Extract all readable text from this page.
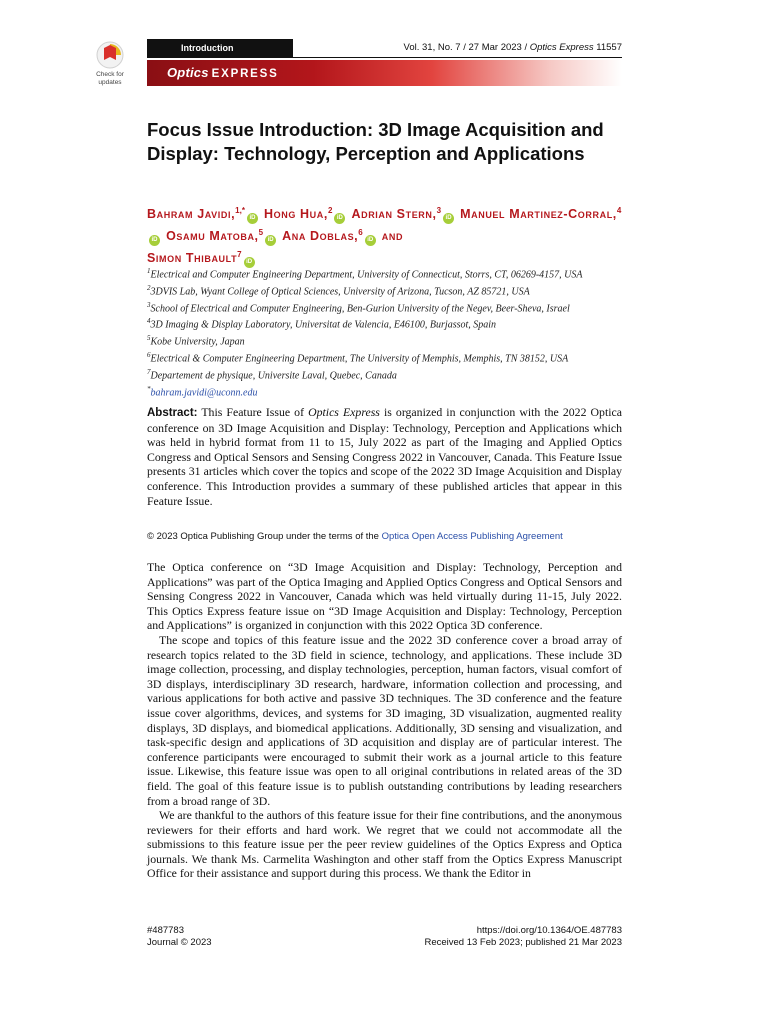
Check for
updates
Introduction	Vol. 31, No. 7 / 27 Mar 2023 / Optics Express 11557
Optics EXPRESS
Focus Issue Introduction: 3D Image Acquisition and Display: Technology, Perception and Applications
Bahram Javidi,$^{1,*}$iD Hong Hua,$^2$iD Adrian Stern,$^3$iD Manuel Martinez-Corral,$^4$iD Osamu Matoba,$^5$iD Ana Doblas,$^6$iD and
Simon Thibault$^7$iD
$^1$Electrical and Computer Engineering Department, University of Connecticut, Storrs, CT, 06269-4157, USA
$^2$3DVIS Lab, Wyant College of Optical Sciences, University of Arizona, Tucson, AZ 85721, USA
$^3$School of Electrical and Computer Engineering, Ben-Gurion University of the Negev, Beer-Sheva, Israel
$^4$3D Imaging & Display Laboratory, Universitat de Valencia, E46100, Burjassot, Spain
$^5$Kobe University, Japan
$^6$Electrical & Computer Engineering Department, The University of Memphis, Memphis, TN 38152, USA
$^7$Departement de physique, Universite Laval, Quebec, Canada
*bahram.javidi@uconn.edu
Abstract: This Feature Issue of Optics Express is organized in conjunction with the 2022 Optica conference on 3D Image Acquisition and Display: Technology, Perception and Applications which was held in hybrid format from 11 to 15, July 2022 as part of the Imaging and Applied Optics Congress and Optical Sensors and Sensing Congress 2022 in Vancouver, Canada. This Feature Issue presents 31 articles which cover the topics and scope of the 2022 3D Image Acquisition and Display conference. This Introduction provides a summary of these published articles that appear in this Feature Issue.
© 2023 Optica Publishing Group under the terms of the Optica Open Access Publishing Agreement

The Optica conference on “3D Image Acquisition and Display: Technology, Perception and Applications” was part of the Optica Imaging and Applied Optics Congress and Optical Sensors and Sensing Congress 2022 in Vancouver, Canada which was held virtually during 11-15, July 2022. This Optics Express feature issue on “3D Image Acquisition and Display: Technology, Perception and Applications” is organized in conjunction with this 2022 Optica 3D conference.

The scope and topics of this feature issue and the 2022 3D conference cover a broad array of research topics related to the 3D field in science, technology, and applications. These include 3D image collection, processing, and display technologies, perception, human factors, visual comfort of 3D displays, interdisciplinary 3D research, hardware, information collection and processing, and various applications for both active and passive 3D techniques. The 3D conference and the feature issue cover algorithms, devices, and systems for 3D imaging, 3D visualization, augmented reality displays, 3D displays, and biomedical applications. Additionally, 3D sensing and visualization, and task-specific design and applications of 3D acquisition and display are of particular interest. The conference participants were encouraged to submit their work as a journal article to this feature issue. Likewise, this feature issue was open to all original contributions in related areas of the 3D field. The goal of this feature issue is to publish outstanding contributions by leading researchers from a broad range of 3D.

We are thankful to the authors of this feature issue for their fine contributions, and the anonymous reviewers for their efforts and hard work. We regret that we could not accommodate all the submissions to this feature issue per the peer review guidelines of the Optics Express and Optica journals. We thank Ms. Carmelita Washington and other staff from the Optics Express Manuscript Office for their assistance and support during this process. We thank the Editor in

#487783
Journal © 2023
https://doi.org/10.1364/OE.487783
Received 13 Feb 2023; published 21 Mar 2023
